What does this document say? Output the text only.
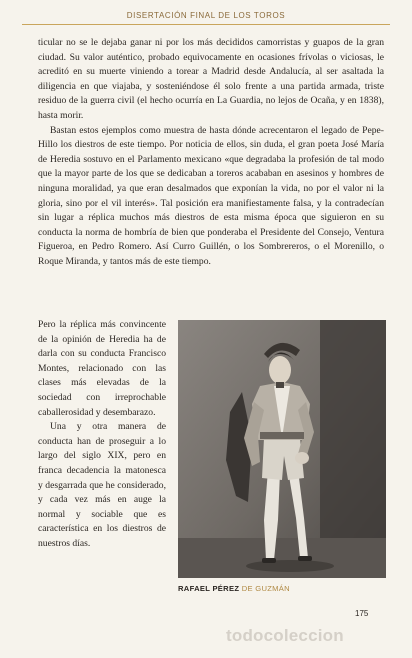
DISERTACIÓN FINAL DE LOS TOROS

ticular no se le dejaba ganar ni por los más decididos camorristas y guapos de la gran ciudad. Su valor auténtico, probado equivocamente en ocasiones frívolas o viciosas, le acreditó en su muerte viniendo a torear a Madrid desde Andalucía, al ser asaltada la diligencia en que viajaba, y sosteniéndose él solo frente a una partida armada, triste residuo de la guerra civil (el hecho ocurría en La Guardia, no lejos de Ocaña, y en 1838), hasta morir.

Bastan estos ejemplos como muestra de hasta dónde acrecentaron el legado de Pepe-Hillo los diestros de este tiempo. Por noticia de ellos, sin duda, el gran poeta José María de Heredia sostuvo en el Parlamento mexicano «que degradaba la profesión de tal modo que la mayor parte de los que se dedicaban a toreros acababan en asesinos y hombres de ninguna moralidad, ya que eran desalmados que exponían la vida, no por el valor ni la gloria, sino por el vil interés». Tal posición era manifiestamente falsa, y la contradecían sin lugar a réplica muchos más diestros de esta misma época que siguieron en su conducta la norma de hombría de bien que ponderaba el Presidente del Consejo, Ventura Figueroa, en Pedro Romero. Así Curro Guillén, o los Sombrereros, o el Morenillo, o Roque Miranda, y tantos más de este tiempo.

Pero la réplica más convincente de la opinión de Heredia ha de darla con su conducta Francisco Montes, relacionado con las clases más elevadas de la sociedad con irreprochable caballerosidad y desembarazo.

Una y otra manera de conducta han de proseguir a lo largo del siglo XIX, pero en franca decadencia la matonesca y desgarrada que he considerado, y cada vez más en auge la normal y sociable que es característica en los diestros de nuestros días.

RAFAEL PÉREZ DE GUZMÁN
175
todocoleccion
